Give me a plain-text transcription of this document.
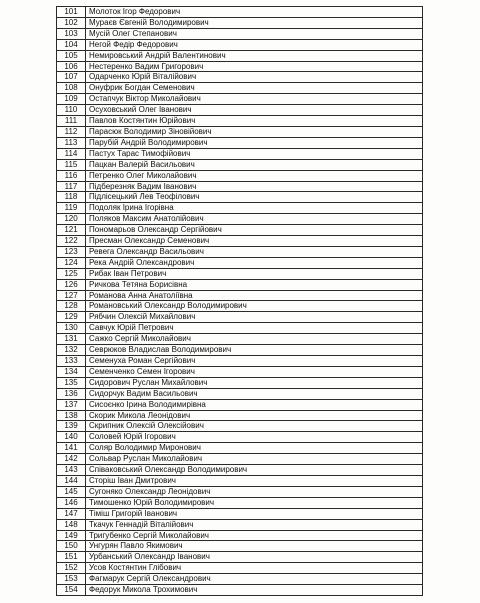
101	Молоток Ігор Федорович
102	Мураєв Євгеній Володимирович
103	Мусій Олег Степанович
104	Негой Федір Федорович
105	Немировський Андрій Валентинович
106	Нестеренко Вадим Григорович
107	Одарченко Юрій Віталійович
108	Онуфрик Богдан Семенович
109	Остапчук Віктор Миколайович
110	Осуховський Олег Іванович
111	Павлов Костянтин Юрійович
112	Парасюк Володимир Зіновійович
113	Парубій Андрій Володимирович
114	Пастух Тарас Тимофійович
115	Пацкан Валерій Васильович
116	Петренко Олег Миколайович
117	Підберезняк Вадим Іванович
118	Підлісецький Лев Теофілович
119	Подоляк Ірина Ігорівна
120	Поляков Максим Анатолійович
121	Пономарьов Олександр Сергійович
122	Пресман Олександр Семенович
123	Ревега Олександр Васильович
124	Река Андрій Олександрович
125	Рибак Іван Петрович
126	Ричкова Тетяна Борисівна
127	Романова Анна Анатоліївна
128	Романовський Олександр Володимирович
129	Рябчин Олексій Михайлович
130	Савчук Юрій Петрович
131	Сажко Сергій Миколайович
132	Севрюков Владислав Володимирович
133	Семенуха Роман Сергійович
134	Семенченко Семен Ігорович
135	Сидорович Руслан Михайлович
136	Сидорчук Вадим Васильович
137	Сисоєнко Ірина Володимирівна
138	Скорик Микола Леонідович
139	Скрипник Олексій Олексійович
140	Соловей Юрій Ігорович
141	Соляр Володимир Миронович
142	Сольвар Руслан Миколайович
143	Співаковський Олександр Володимирович
144	Сторіш Іван Дмитрович
145	Сугоняко Олександр Леонідович
146	Тимошенко Юрій Володимирович
147	Тіміш Григорій Іванович
148	Ткачук Геннадій Віталійович
149	Тригубенко Сергій Миколайович
150	Унгурян Павло Якимович
151	Урбанський Олександр Іванович
152	Усов Костянтин Глібович
153	Фагмарук Сергій Олександрович
154	Федорук Микола Трохимович
